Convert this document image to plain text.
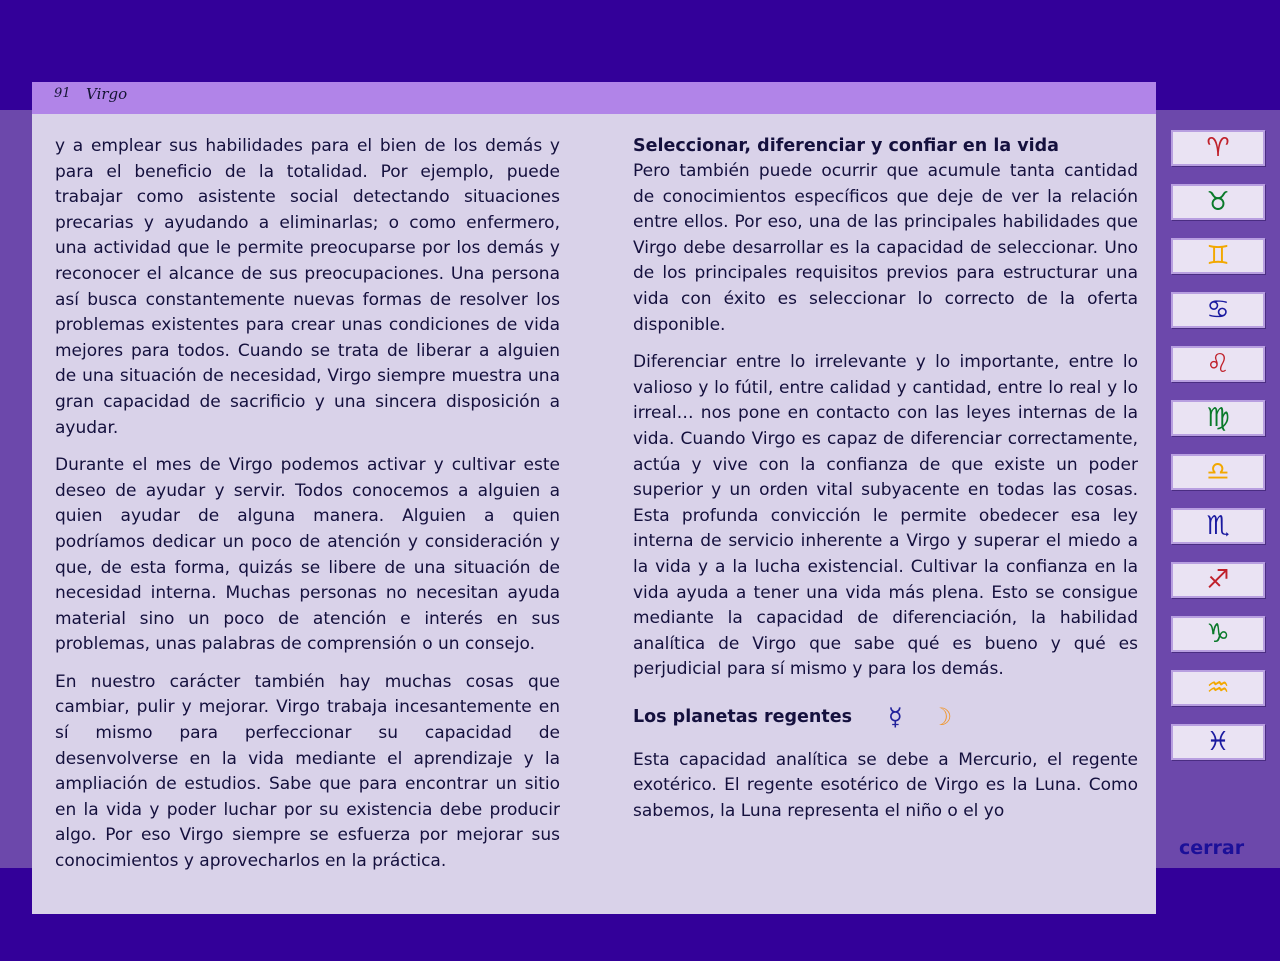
91 Virgo

y a emplear sus habilidades para el bien de los demás y para el beneficio de la totalidad. Por ejemplo, puede trabajar como asistente social detectando situaciones precarias y ayudando a eliminarlas; o como enfermero, una actividad que le permite preocuparse por los demás y reconocer el alcance de sus preocupaciones. Una persona así busca constantemente nuevas formas de resolver los problemas existentes para crear unas condiciones de vida mejores para todos. Cuando se trata de liberar a alguien de una situación de necesidad, Virgo siempre muestra una gran capacidad de sacrificio y una sincera disposición a ayudar.

Durante el mes de Virgo podemos activar y cultivar este deseo de ayudar y servir. Todos conocemos a alguien a quien ayudar de alguna manera. Alguien a quien podríamos dedicar un poco de atención y consideración y que, de esta forma, quizás se libere de una situación de necesidad interna. Muchas personas no necesitan ayuda material sino un poco de atención e interés en sus problemas, unas palabras de comprensión o un consejo.

En nuestro carácter también hay muchas cosas que cambiar, pulir y mejorar. Virgo trabaja incesantemente en sí mismo para perfeccionar su capacidad de desenvolverse en la vida mediante el aprendizaje y la ampliación de estudios. Sabe que para encontrar un sitio en la vida y poder luchar por su existencia debe producir algo. Por eso Virgo siempre se esfuerza por mejorar sus conocimientos y aprovecharlos en la práctica.

Seleccionar, diferenciar y confiar en la vida

Pero también puede ocurrir que acumule tanta cantidad de conocimientos específicos que deje de ver la relación entre ellos. Por eso, una de las principales habilidades que Virgo debe desarrollar es la capacidad de seleccionar. Uno de los principales requisitos previos para estructurar una vida con éxito es seleccionar lo correcto de la oferta disponible.

Diferenciar entre lo irrelevante y lo importante, entre lo valioso y lo fútil, entre calidad y cantidad, entre lo real y lo irreal… nos pone en contacto con las leyes internas de la vida. Cuando Virgo es capaz de diferenciar correctamente, actúa y vive con la confianza de que existe un poder superior y un orden vital subyacente en todas las cosas. Esta profunda convicción le permite obedecer esa ley interna de servicio inherente a Virgo y superar el miedo a la vida y a la lucha existencial. Cultivar la confianza en la vida ayuda a tener una vida más plena. Esto se consigue mediante la capacidad de diferenciación, la habilidad analítica de Virgo que sabe qué es bueno y qué es perjudicial para sí mismo y para los demás.

Los planetas regentes ☿ ☽

Esta capacidad analítica se debe a Mercurio, el regente exotérico. El regente esotérico de Virgo es la Luna. Como sabemos, la Luna representa el niño o el yo

♈
♉
♊
♋
♌
♍
♎
♏
♐
♑
♒
♓
cerrar
